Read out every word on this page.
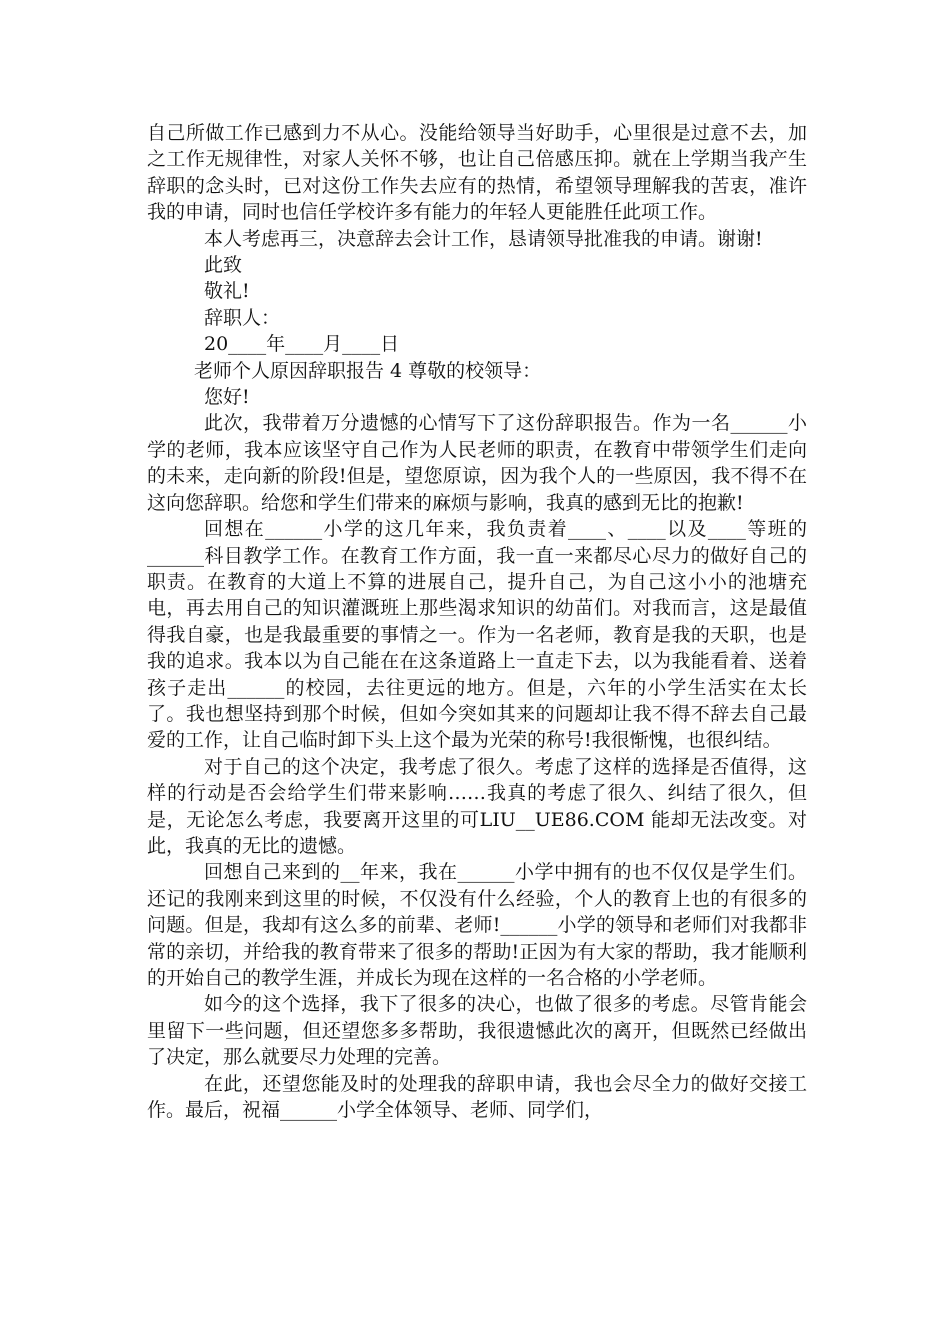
自己所做工作已感到力不从心。没能给领导当好助手，心里很是过意不去，加之工作无规律性，对家人关怀不够，也让自己倍感压抑。就在上学期当我产生辞职的念头时，已对这份工作失去应有的热情，希望领导理解我的苦衷，准许我的申请，同时也信任学校许多有能力的年轻人更能胜任此项工作。

本人考虑再三，决意辞去会计工作，恳请领导批准我的申请。谢谢!

此致

敬礼!

辞职人：

20____年____月____日

老师个人原因辞职报告 4 尊敬的校领导：

您好!

此次，我带着万分遗憾的心情写下了这份辞职报告。作为一名______小学的老师，我本应该坚守自己作为人民老师的职责，在教育中带领学生们走向的未来，走向新的阶段!但是，望您原谅，因为我个人的一些原因，我不得不在这向您辞职。给您和学生们带来的麻烦与影响，我真的感到无比的抱歉!

回想在______小学的这几年来，我负责着____、____以及____等班的______科目教学工作。在教育工作方面，我一直一来都尽心尽力的做好自己的职责。在教育的大道上不算的进展自己，提升自己，为自己这小小的池塘充电，再去用自己的知识灌溉班上那些渴求知识的幼苗们。对我而言，这是最值得我自豪，也是我最重要的事情之一。作为一名老师，教育是我的天职，也是我的追求。我本以为自己能在在这条道路上一直走下去，以为我能看着、送着孩子走出______的校园，去往更远的地方。但是，六年的小学生活实在太长了。我也想坚持到那个时候，但如今突如其来的问题却让我不得不辞去自己最爱的工作，让自己临时卸下头上这个最为光荣的称号!我很惭愧，也很纠结。

对于自己的这个决定，我考虑了很久。考虑了这样的选择是否值得，这样的行动是否会给学生们带来影响……我真的考虑了很久、纠结了很久，但是，无论怎么考虑，我要离开这里的可LIU__UE86.COM 能却无法改变。对此，我真的无比的遗憾。

回想自己来到的__年来，我在______小学中拥有的也不仅仅是学生们。还记的我刚来到这里的时候，不仅没有什么经验，个人的教育上也的有很多的问题。但是，我却有这么多的前辈、老师!______小学的领导和老师们对我都非常的亲切，并给我的教育带来了很多的帮助!正因为有大家的帮助，我才能顺利的开始自己的教学生涯，并成长为现在这样的一名合格的小学老师。

如今的这个选择，我下了很多的决心，也做了很多的考虑。尽管肯能会里留下一些问题，但还望您多多帮助，我很遗憾此次的离开，但既然已经做出了决定，那么就要尽力处理的完善。

在此，还望您能及时的处理我的辞职申请，我也会尽全力的做好交接工作。最后，祝福______小学全体领导、老师、同学们，
